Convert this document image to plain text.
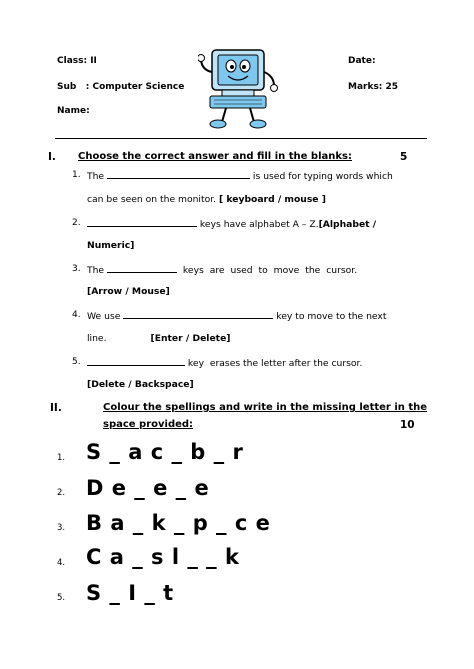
Class: II	Date:
Sub   : Computer Science	Marks: 25
Name:
I. Choose the correct answer and fill in the blanks:	5
1. The	is used for typing words which
can be seen on the monitor. [ keyboard / mouse ]
2.	keys have alphabet A – Z.[Alphabet /
Numeric]
3. The	keys are used to move the cursor.
[Arrow / Mouse]
4. We use	key to move to the next
line.	[Enter / Delete]
5.	key  erases the letter after the cursor.
[Delete / Backspace]
II.	Colour the spellings and write in the missing letter in the
space provided:	10
1. S _ a c _ b _ r
2. D e _ e _ e
3. B a _ k _ p _ c e
4. C a _ s l _ _ k
5. S _ I _ t
